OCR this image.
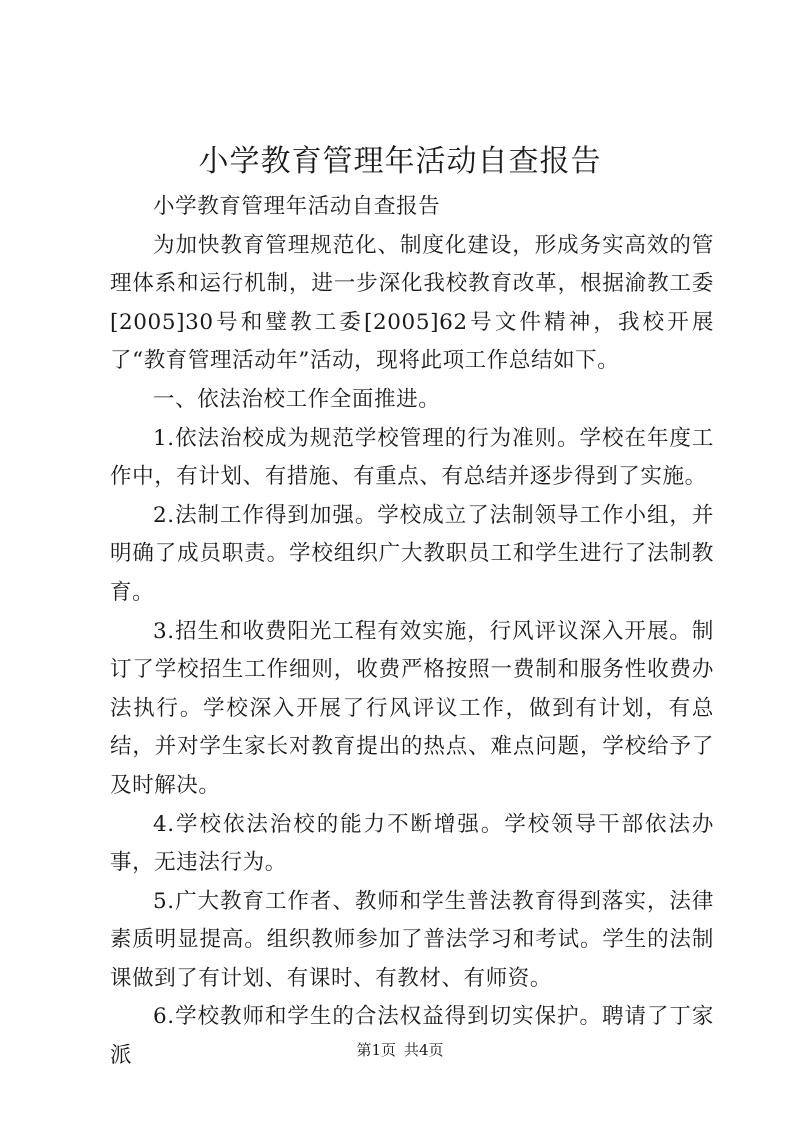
小学教育管理年活动自查报告

小学教育管理年活动自查报告

为加快教育管理规范化、制度化建设，形成务实高效的管理体系和运行机制，进一步深化我校教育改革，根据渝教工委[2005]30号和璧教工委[2005]62号文件精神，我校开展了“教育管理活动年”活动，现将此项工作总结如下。

一、依法治校工作全面推进。

1.依法治校成为规范学校管理的行为准则。学校在年度工作中，有计划、有措施、有重点、有总结并逐步得到了实施。

2.法制工作得到加强。学校成立了法制领导工作小组，并明确了成员职责。学校组织广大教职员工和学生进行了法制教育。

3.招生和收费阳光工程有效实施，行风评议深入开展。制订了学校招生工作细则，收费严格按照一费制和服务性收费办法执行。学校深入开展了行风评议工作，做到有计划，有总结，并对学生家长对教育提出的热点、难点问题，学校给予了及时解决。

4.学校依法治校的能力不断增强。学校领导干部依法办事，无违法行为。

5.广大教育工作者、教师和学生普法教育得到落实，法律素质明显提高。组织教师参加了普法学习和考试。学生的法制课做到了有计划、有课时、有教材、有师资。

6.学校教师和学生的合法权益得到切实保护。聘请了丁家派	第1页 共4页
